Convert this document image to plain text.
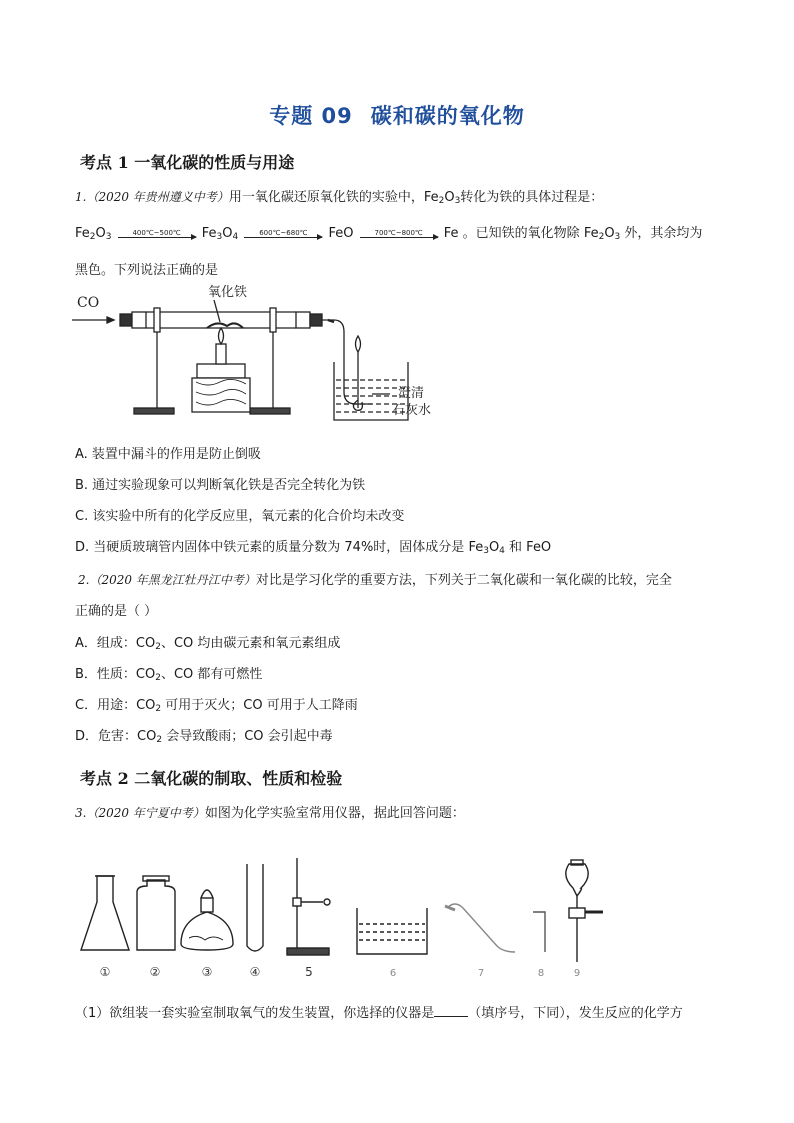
专题 09 碳和碳的氧化物
考点 1 一氧化碳的性质与用途
1.（2020 年贵州遵义中考）用一氧化碳还原氧化铁的实验中，$Fe_2O_3$转化为铁的具体过程是：
$Fe_2O_3$	400℃~500℃	$Fe_3O_4$	600℃~680℃	FeO	700℃~800℃	Fe 。已知铁的氧化物除 $Fe_2O_3$ 外，其余均为
黑色。下列说法正确的是
CO
氧化铁
澄清
石灰水
A. 装置中漏斗的作用是防止倒吸
B. 通过实验现象可以判断氧化铁是否完全转化为铁
C. 该实验中所有的化学反应里，氧元素的化合价均未改变
D. 当硬质玻璃管内固体中铁元素的质量分数为 74%时，固体成分是 $Fe_3O_4$ 和 FeO
2.（2020 年黑龙江牡丹江中考）对比是学习化学的重要方法，下列关于二氧化碳和一氧化碳的比较，完全
正确的是（ ）
A．组成：$CO_2$、CO 均由碳元素和氧元素组成
B．性质：$CO_2$、CO 都有可燃性
C．用途：$CO_2$ 可用于灭火；CO 可用于人工降雨
D．危害：$CO_2$ 会导致酸雨；CO 会引起中毒
考点 2 二氧化碳的制取、性质和检验
3.（2020 年宁夏中考）如图为化学实验室常用仪器，据此回答问题：
①	②	③	④	5	6	7	8	9
（1）欲组装一套实验室制取氧气的发生装置，你选择的仪器是	（填序号，下同），发生反应的化学方
